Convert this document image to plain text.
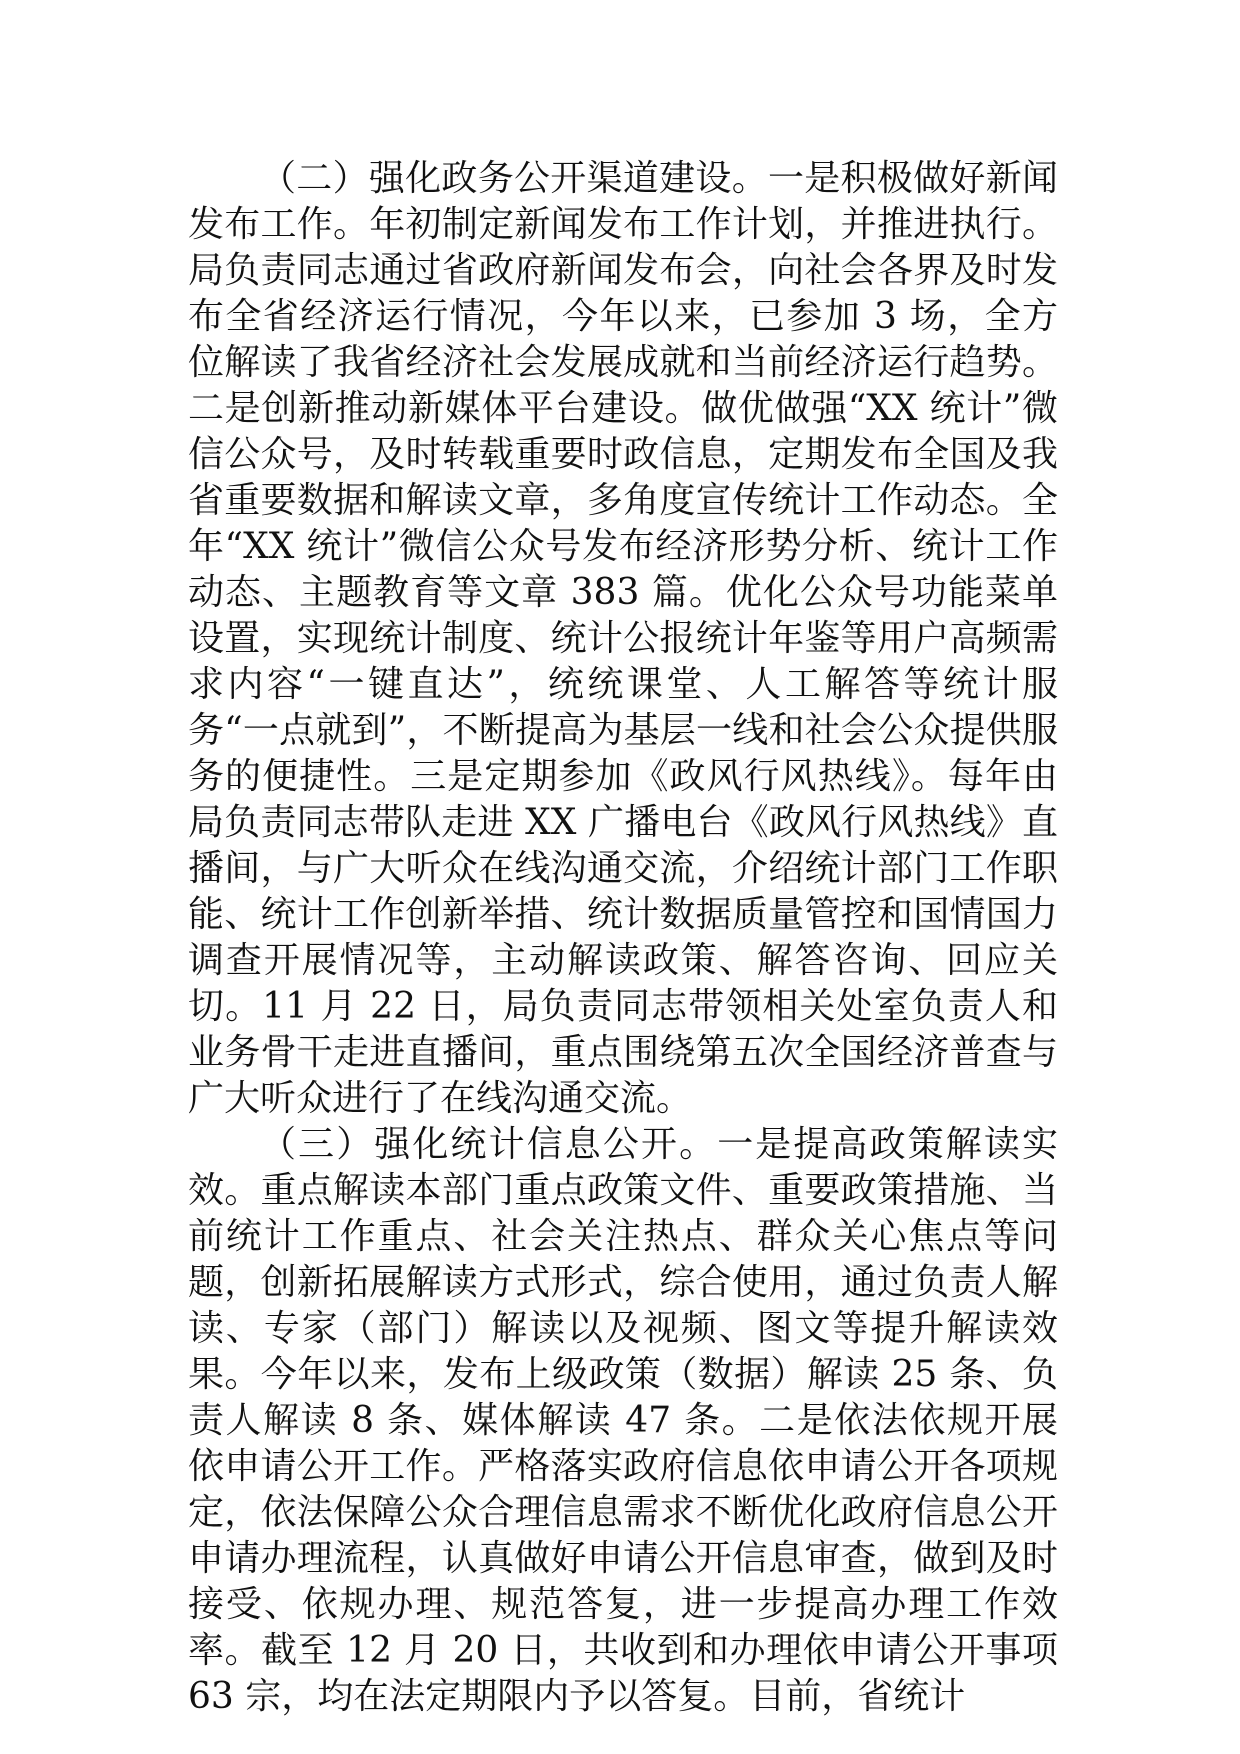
（二）强化政务公开渠道建设。一是积极做好新闻发布工作。年初制定新闻发布工作计划，并推进执行。局负责同志通过省政府新闻发布会，向社会各界及时发布全省经济运行情况，今年以来，已参加 3 场，全方位解读了我省经济社会发展成就和当前经济运行趋势。二是创新推动新媒体平台建设。做优做强“XX 统计”微信公众号，及时转载重要时政信息，定期发布全国及我省重要数据和解读文章，多角度宣传统计工作动态。全年“XX 统计”微信公众号发布经济形势分析、统计工作动态、主题教育等文章 383 篇。优化公众号功能菜单设置，实现统计制度、统计公报统计年鉴等用户高频需求内容“一键直达”，统统课堂、人工解答等统计服务“一点就到”，不断提高为基层一线和社会公众提供服务的便捷性。三是定期参加《政风行风热线》。每年由局负责同志带队走进 XX 广播电台《政风行风热线》直播间，与广大听众在线沟通交流，介绍统计部门工作职能、统计工作创新举措、统计数据质量管控和国情国力调查开展情况等，主动解读政策、解答咨询、回应关切。11 月 22 日，局负责同志带领相关处室负责人和业务骨干走进直播间，重点围绕第五次全国经济普查与广大听众进行了在线沟通交流。

（三）强化统计信息公开。一是提高政策解读实效。重点解读本部门重点政策文件、重要政策措施、当前统计工作重点、社会关注热点、群众关心焦点等问题，创新拓展解读方式形式，综合使用，通过负责人解读、专家（部门）解读以及视频、图文等提升解读效果。今年以来，发布上级政策（数据）解读 25 条、负责人解读 8 条、媒体解读 47 条。二是依法依规开展依申请公开工作。严格落实政府信息依申请公开各项规定，依法保障公众合理信息需求不断优化政府信息公开申请办理流程，认真做好申请公开信息审查，做到及时接受、依规办理、规范答复，进一步提高办理工作效率。截至 12 月 20 日，共收到和办理依申请公开事项 63 宗，均在法定期限内予以答复。目前，省统计
